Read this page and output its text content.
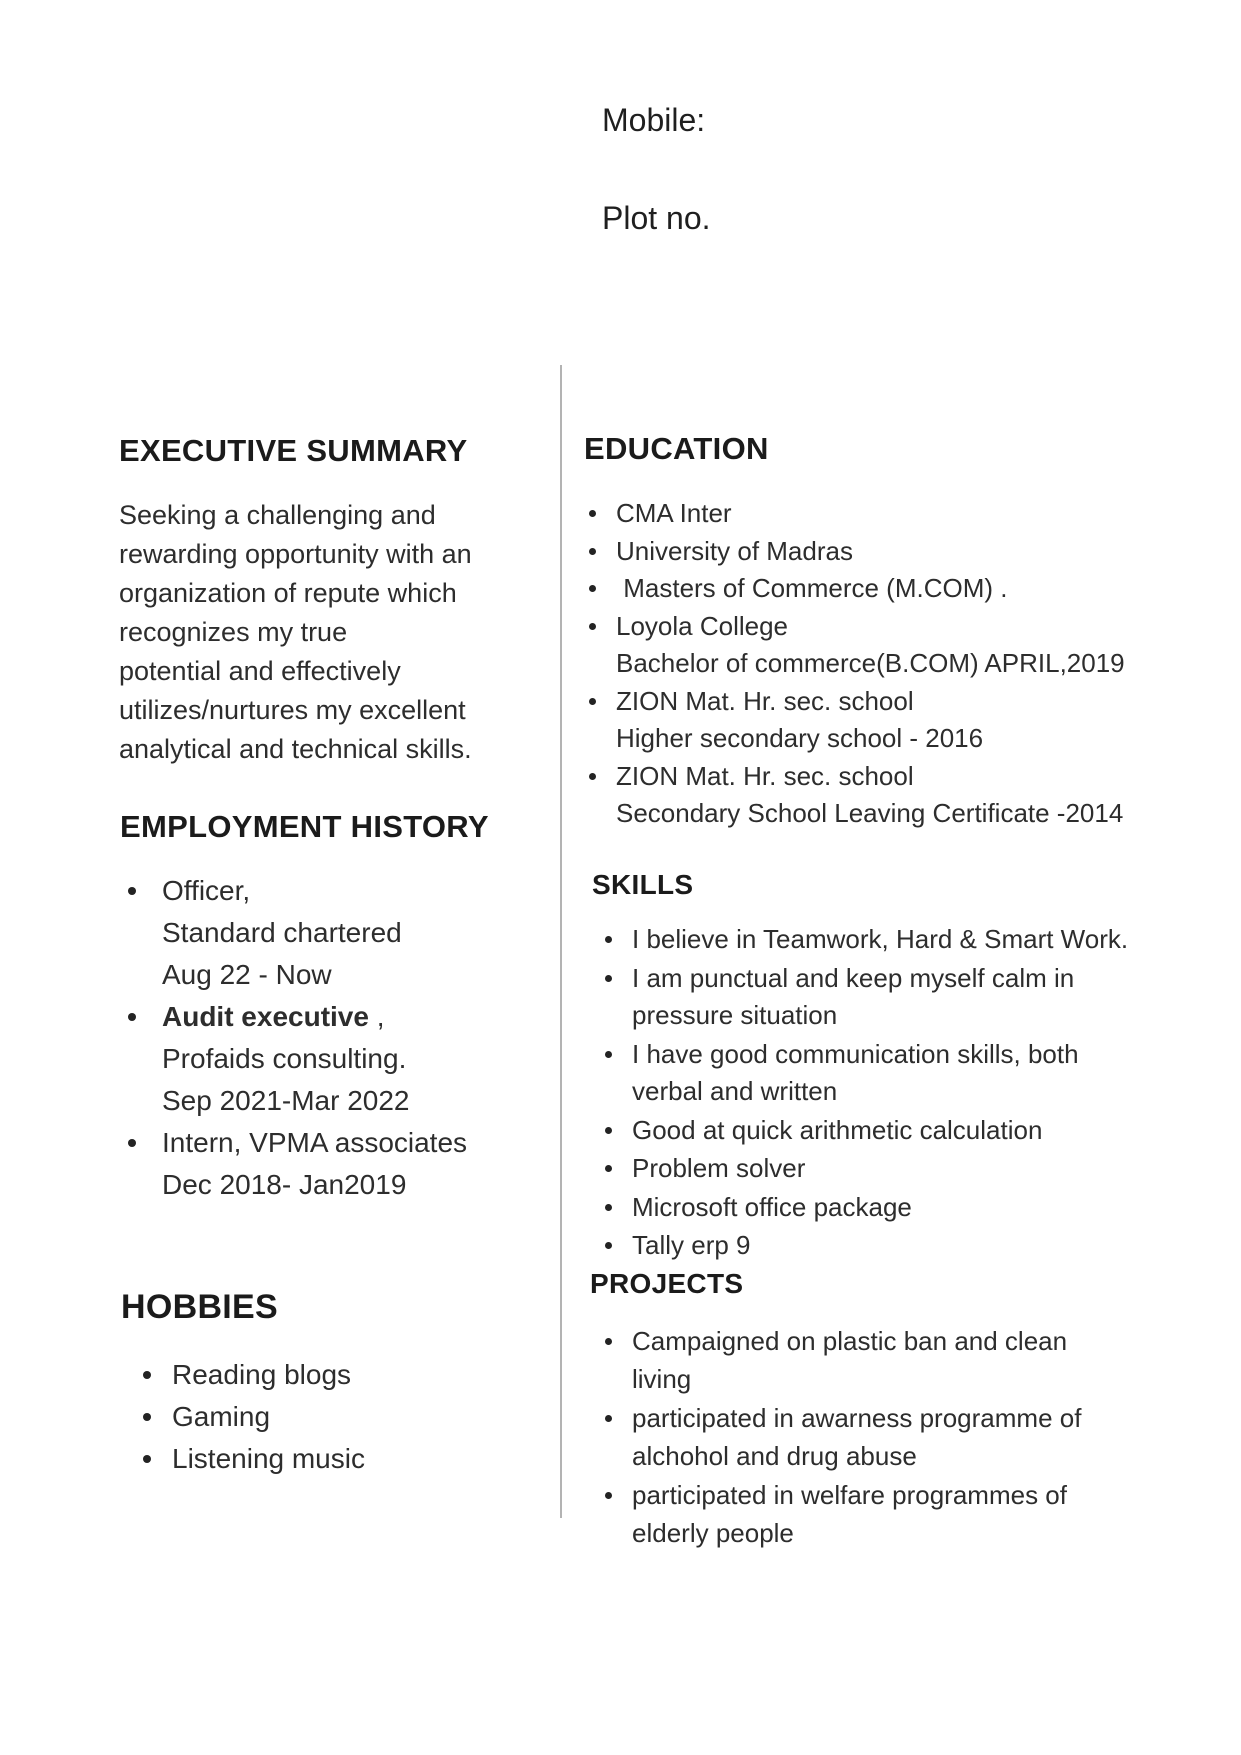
Mobile:
Plot no.
EXECUTIVE SUMMARY
Seeking a challenging and
rewarding opportunity with an
organization of repute which
recognizes my true
potential and effectively
utilizes/nurtures my excellent
analytical and technical skills.
EMPLOYMENT HISTORY
Officer,
Standard chartered
Aug 22 - Now
Audit executive ,
Profaids consulting.
Sep 2021-Mar 2022
Intern, VPMA associates
Dec 2018- Jan2019
HOBBIES
Reading blogs
Gaming
Listening music
EDUCATION
CMA Inter
University of Madras
Masters of Commerce (M.COM) .
Loyola College
Bachelor of commerce(B.COM) APRIL,2019
ZION Mat. Hr. sec. school
Higher secondary school - 2016
ZION Mat. Hr. sec. school
Secondary School Leaving Certificate -2014
SKILLS
I believe in Teamwork, Hard & Smart Work.
I am punctual and keep myself calm in
pressure situation
I have good communication skills, both
verbal and written
Good at quick arithmetic calculation
Problem solver
Microsoft office package
Tally erp 9
PROJECTS
Campaigned on plastic ban and clean
living
participated in awarness programme of
alchohol and drug abuse
participated in welfare programmes of
elderly people
